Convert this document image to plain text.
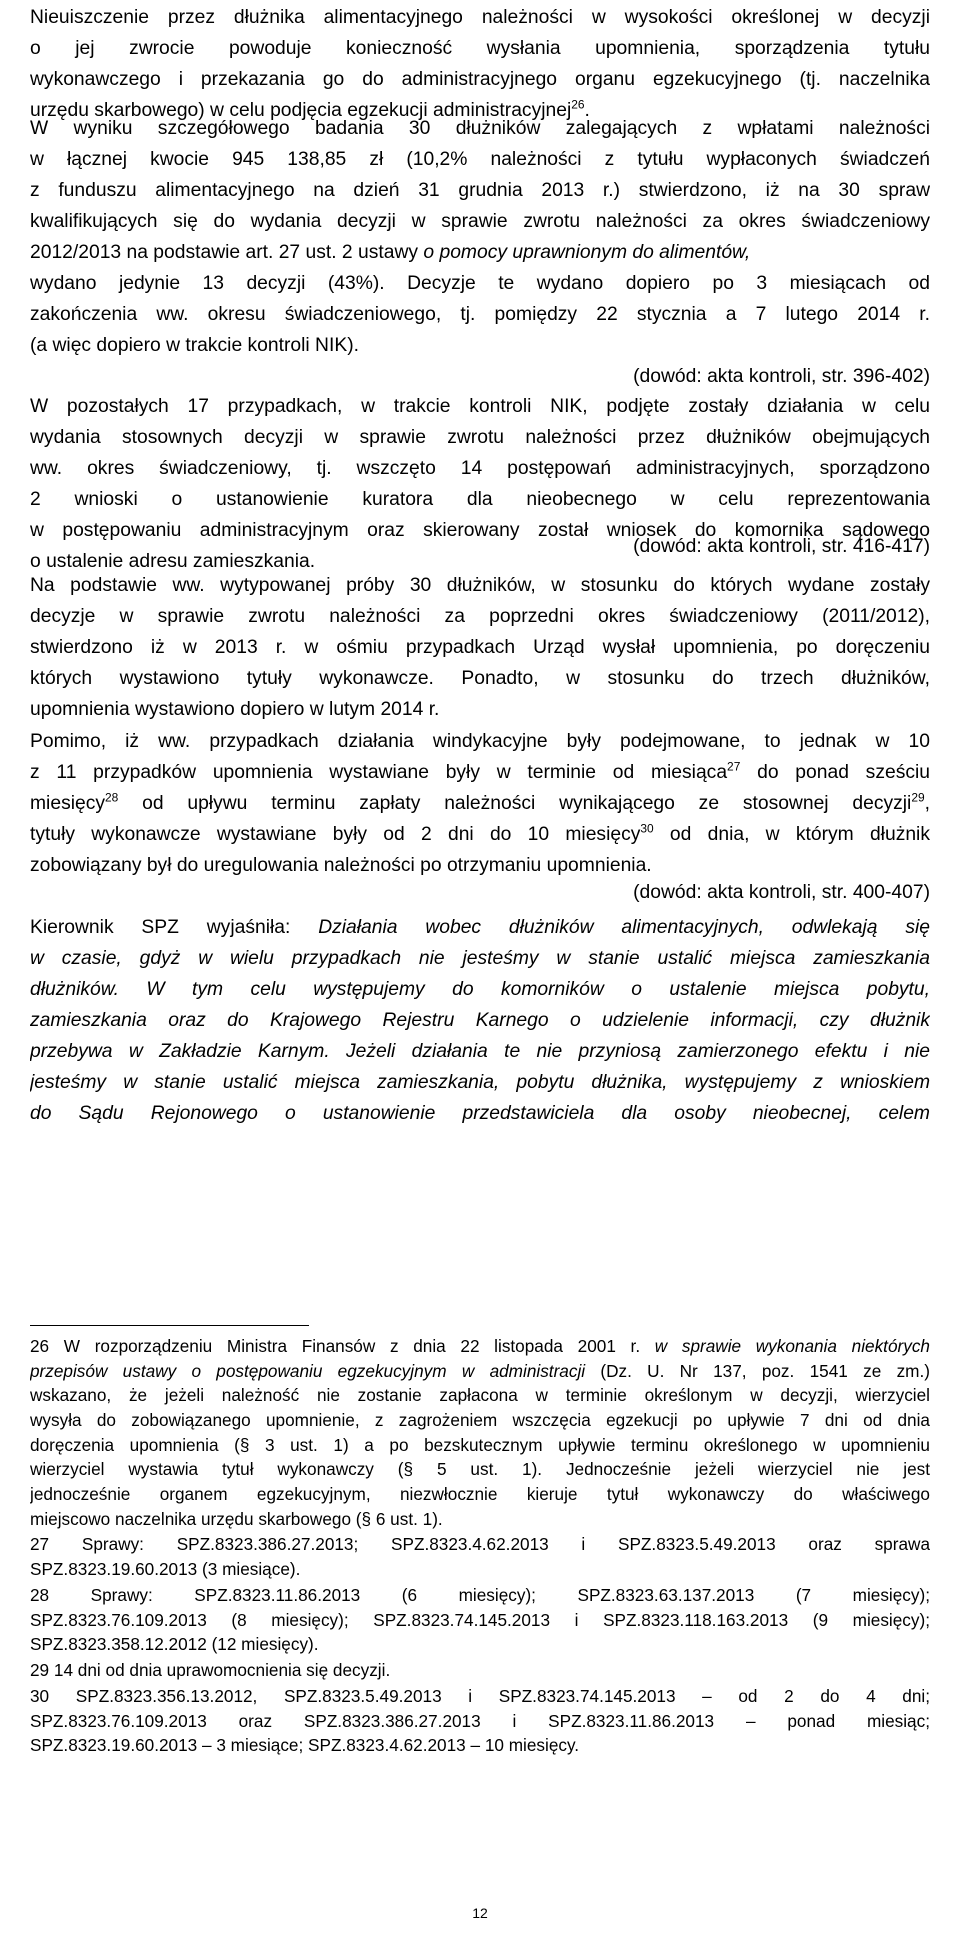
Nieuiszczenie przez dłużnika alimentacyjnego należności w wysokości określonej w decyzji
o jej zwrocie powoduje konieczność wysłania upomnienia, sporządzenia tytułu
wykonawczego i przekazania go do administracyjnego organu egzekucyjnego (tj. naczelnika
urzędu skarbowego) w celu podjęcia egzekucji administracyjnej$^{26}$.
W wyniku szczegółowego badania 30 dłużników zalegających z wpłatami należności
w łącznej kwocie 945 138,85 zł (10,2% należności z tytułu wypłaconych świadczeń
z funduszu alimentacyjnego na dzień 31 grudnia 2013 r.) stwierdzono, iż na 30 spraw
kwalifikujących się do wydania decyzji w sprawie zwrotu należności za okres świadczeniowy
2012/2013 na podstawie art. 27 ust. 2 ustawy o pomocy uprawnionym do alimentów,
wydano jedynie 13 decyzji (43%). Decyzje te wydano dopiero po 3 miesiącach od
zakończenia ww. okresu świadczeniowego, tj. pomiędzy 22 stycznia a 7 lutego 2014 r.
(a więc dopiero w trakcie kontroli NIK).
(dowód: akta kontroli, str. 396-402)
W pozostałych 17 przypadkach, w trakcie kontroli NIK, podjęte zostały działania w celu
wydania stosownych decyzji w sprawie zwrotu należności przez dłużników obejmujących
ww. okres świadczeniowy, tj. wszczęto 14 postępowań administracyjnych, sporządzono
2 wnioski o ustanowienie kuratora dla nieobecnego w celu reprezentowania
w postępowaniu administracyjnym oraz skierowany został wniosek do komornika sądowego
o ustalenie adresu zamieszkania.
(dowód: akta kontroli, str. 416-417)
Na podstawie ww. wytypowanej próby 30 dłużników, w stosunku do których wydane zostały
decyzje w sprawie zwrotu należności za poprzedni okres świadczeniowy (2011/2012),
stwierdzono iż w 2013 r. w ośmiu przypadkach Urząd wysłał upomnienia, po doręczeniu
których wystawiono tytuły wykonawcze. Ponadto, w stosunku do trzech dłużników,
upomnienia wystawiono dopiero w lutym 2014 r.
Pomimo, iż ww. przypadkach działania windykacyjne były podejmowane, to jednak w 10
z 11 przypadków upomnienia wystawiane były w terminie od miesiąca$^{27}$ do ponad sześciu
miesięcy$^{28}$ od upływu terminu zapłaty należności wynikającego ze stosownej decyzji$^{29}$,
tytuły wykonawcze wystawiane były od 2 dni do 10 miesięcy$^{30}$ od dnia, w którym dłużnik
zobowiązany był do uregulowania należności po otrzymaniu upomnienia.
(dowód: akta kontroli, str. 400-407)
Kierownik SPZ wyjaśniła: Działania wobec dłużników alimentacyjnych, odwlekają się
w czasie, gdyż w wielu przypadkach nie jesteśmy w stanie ustalić miejsca zamieszkania
dłużników. W tym celu występujemy do komorników o ustalenie miejsca pobytu,
zamieszkania oraz do Krajowego Rejestru Karnego o udzielenie informacji, czy dłużnik
przebywa w Zakładzie Karnym. Jeżeli działania te nie przyniosą zamierzonego efektu i nie
jesteśmy w stanie ustalić miejsca zamieszkania, pobytu dłużnika, występujemy z wnioskiem
do Sądu Rejonowego o ustanowienie przedstawiciela dla osoby nieobecnej, celem
26 W rozporządzeniu Ministra Finansów z dnia 22 listopada 2001 r. w sprawie wykonania niektórych
przepisów ustawy o postępowaniu egzekucyjnym w administracji (Dz. U. Nr 137, poz. 1541 ze zm.)
wskazano, że jeżeli należność nie zostanie zapłacona w terminie określonym w decyzji, wierzyciel
wysyła do zobowiązanego upomnienie, z zagrożeniem wszczęcia egzekucji po upływie 7 dni od dnia
doręczenia upomnienia (§ 3 ust. 1) a po bezskutecznym upływie terminu określonego w upomnieniu
wierzyciel wystawia tytuł wykonawczy (§ 5 ust. 1). Jednocześnie jeżeli wierzyciel nie jest
jednocześnie organem egzekucyjnym, niezwłocznie kieruje tytuł wykonawczy do właściwego
miejscowo naczelnika urzędu skarbowego (§ 6 ust. 1).
27 Sprawy: SPZ.8323.386.27.2013; SPZ.8323.4.62.2013 i SPZ.8323.5.49.2013 oraz sprawa
SPZ.8323.19.60.2013 (3 miesiące).
28 Sprawy: SPZ.8323.11.86.2013 (6 miesięcy); SPZ.8323.63.137.2013 (7 miesięcy);
SPZ.8323.76.109.2013 (8 miesięcy); SPZ.8323.74.145.2013 i SPZ.8323.118.163.2013 (9 miesięcy);
SPZ.8323.358.12.2012 (12 miesięcy).
29 14 dni od dnia uprawomocnienia się decyzji.
30 SPZ.8323.356.13.2012, SPZ.8323.5.49.2013 i SPZ.8323.74.145.2013 – od 2 do 4 dni;
SPZ.8323.76.109.2013 oraz SPZ.8323.386.27.2013 i SPZ.8323.11.86.2013 – ponad miesiąc;
SPZ.8323.19.60.2013 – 3 miesiące; SPZ.8323.4.62.2013 – 10 miesięcy.
12
